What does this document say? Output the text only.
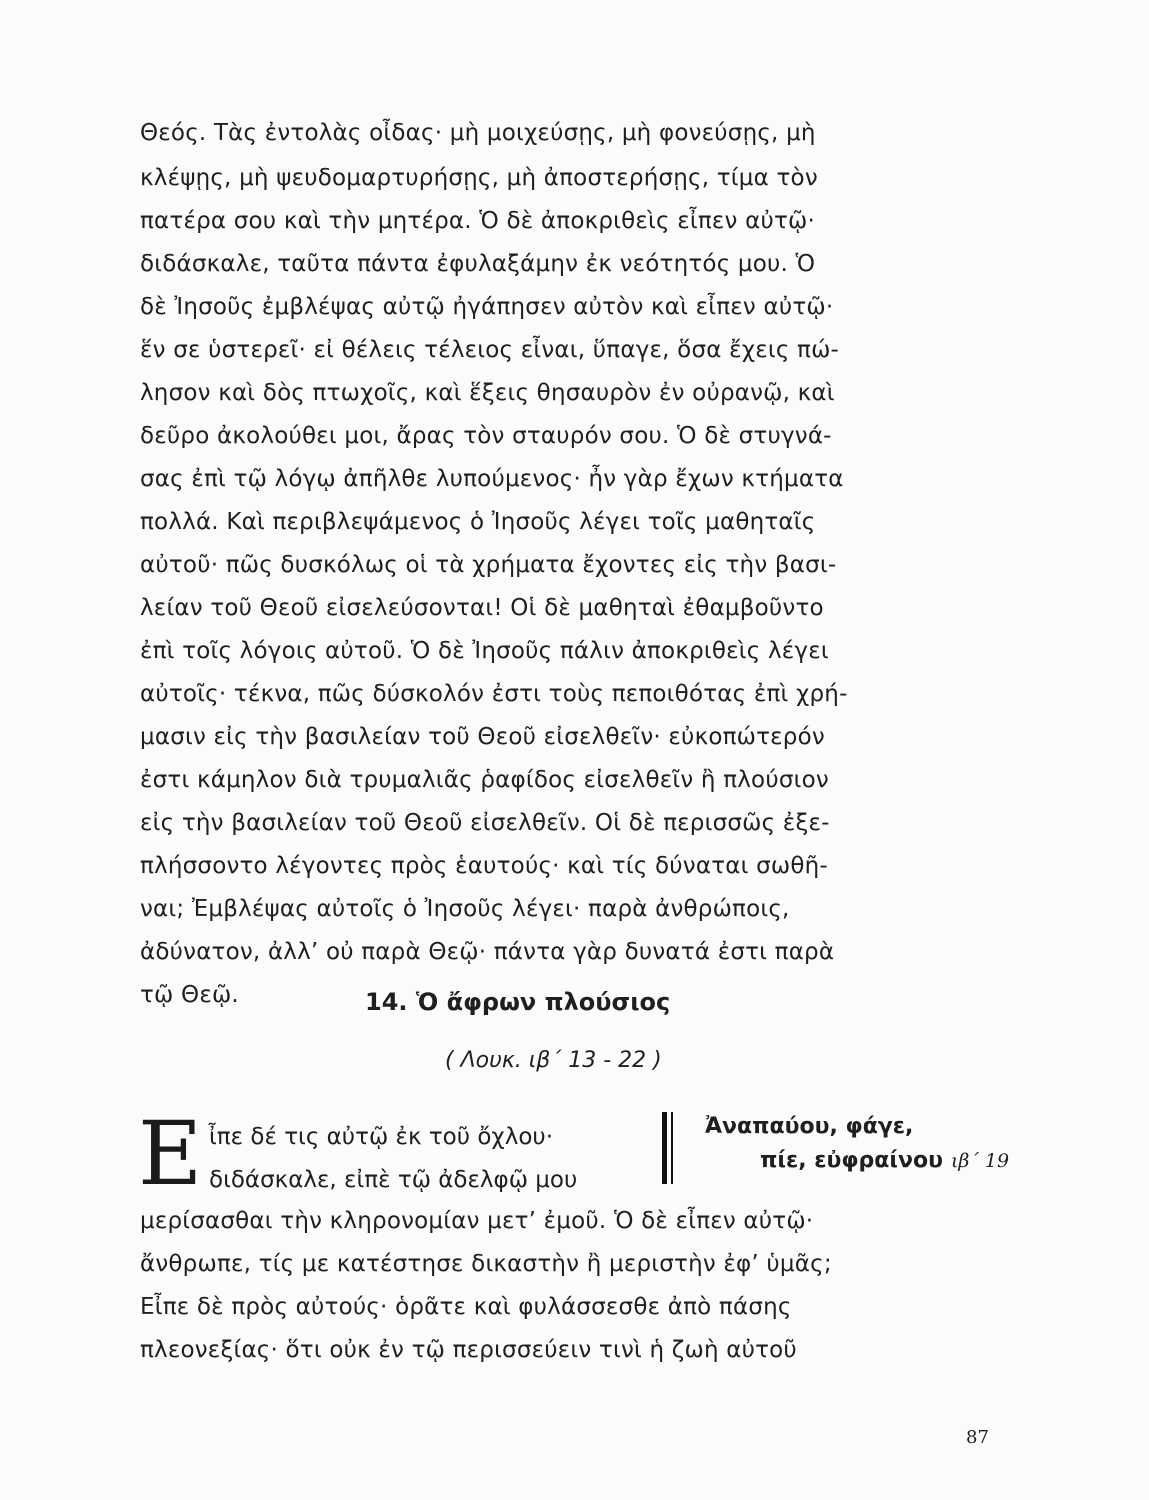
Θεός. Τὰς ἐντολὰς οἶδας· μὴ μοιχεύσῃς, μὴ φονεύσῃς, μὴ
κλέψῃς, μὴ ψευδομαρτυρήσῃς, μὴ ἀποστερήσῃς, τίμα τὸν
πατέρα σου καὶ τὴν μητέρα. Ὁ δὲ ἀποκριθεὶς εἶπεν αὐτῷ·
διδάσκαλε, ταῦτα πάντα ἐφυλαξάμην ἐκ νεότητός μου. Ὁ
δὲ Ἰησοῦς ἐμβλέψας αὐτῷ ἠγάπησεν αὐτὸν καὶ εἶπεν αὐτῷ·
ἕν σε ὑστερεῖ· εἰ θέλεις τέλειος εἶναι, ὕπαγε, ὅσα ἔχεις πώ-
λησον καὶ δὸς πτωχοῖς, καὶ ἕξεις θησαυρὸν ἐν οὐρανῷ, καὶ
δεῦρο ἀκολούθει μοι, ἄρας τὸν σταυρόν σου. Ὁ δὲ στυγνά-
σας ἐπὶ τῷ λόγῳ ἀπῆλθε λυπούμενος· ἦν γὰρ ἔχων κτήματα
πολλά. Καὶ περιβλεψάμενος ὁ Ἰησοῦς λέγει τοῖς μαθηταῖς
αὐτοῦ· πῶς δυσκόλως οἱ τὰ χρήματα ἔχοντες εἰς τὴν βασι-
λείαν τοῦ Θεοῦ εἰσελεύσονται! Οἱ δὲ μαθηταὶ ἐθαμβοῦντο
ἐπὶ τοῖς λόγοις αὐτοῦ. Ὁ δὲ Ἰησοῦς πάλιν ἀποκριθεὶς λέγει
αὐτοῖς· τέκνα, πῶς δύσκολόν ἐστι τοὺς πεποιθότας ἐπὶ χρή-
μασιν εἰς τὴν βασιλείαν τοῦ Θεοῦ εἰσελθεῖν· εὐκοπώτερόν
ἐστι κάμηλον διὰ τρυμαλιᾶς ῥαφίδος εἰσελθεῖν ἢ πλούσιον
εἰς τὴν βασιλείαν τοῦ Θεοῦ εἰσελθεῖν. Οἱ δὲ περισσῶς ἐξε-
πλήσσοντο λέγοντες πρὸς ἑαυτούς· καὶ τίς δύναται σωθῆ-
ναι; Ἐμβλέψας αὐτοῖς ὁ Ἰησοῦς λέγει· παρὰ ἀνθρώποις,
ἀδύνατον, ἀλλ’ οὐ παρὰ Θεῷ· πάντα γὰρ δυνατά ἐστι παρὰ
τῷ Θεῷ.	14. Ὁ ἄφρων πλούσιος
( Λουκ. ιβ΄ 13 - 22 )
E ἶπε δέ τις αὐτῷ ἐκ τοῦ ὄχλου·
διδάσκαλε, εἰπὲ τῷ ἀδελφῷ μου
Ἀναπαύου, φάγε,
πίε, εὐφραίνου ιβ΄ 19
μερίσασθαι τὴν κληρονομίαν μετ’ ἐμοῦ. Ὁ δὲ εἶπεν αὐτῷ·
ἄνθρωπε, τίς με κατέστησε δικαστὴν ἢ μεριστὴν ἐφ’ ὑμᾶς;
Εἶπε δὲ πρὸς αὐτούς· ὁρᾶτε καὶ φυλάσσεσθε ἀπὸ πάσης
πλεονεξίας· ὅτι οὐκ ἐν τῷ περισσεύειν τινὶ ἡ ζωὴ αὐτοῦ
87
